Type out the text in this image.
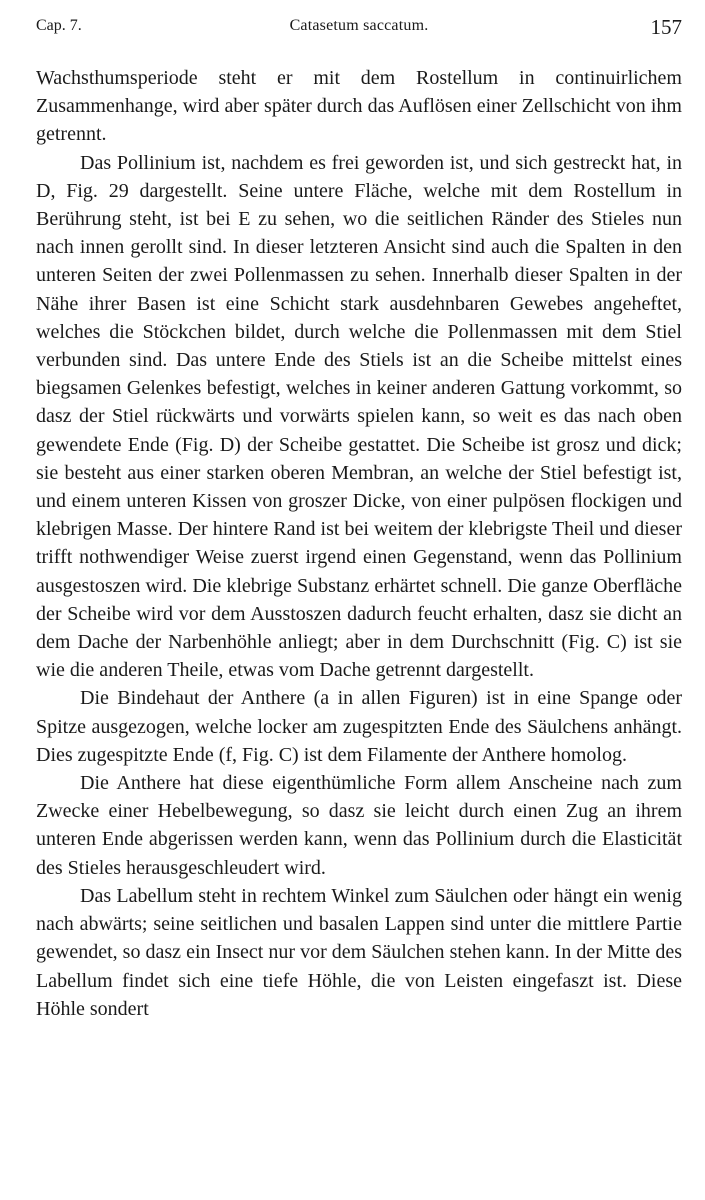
Cap. 7.	Catasetum saccatum.	157

Wachsthumsperiode steht er mit dem Rostellum in continuirlichem Zusammenhange, wird aber später durch das Auflösen einer Zellschicht von ihm getrennt.

Das Pollinium ist, nachdem es frei geworden ist, und sich gestreckt hat, in D, Fig. 29 dargestellt. Seine untere Fläche, welche mit dem Rostellum in Berührung steht, ist bei E zu sehen, wo die seitlichen Ränder des Stieles nun nach innen gerollt sind. In dieser letzteren Ansicht sind auch die Spalten in den unteren Seiten der zwei Pollenmassen zu sehen. Innerhalb dieser Spalten in der Nähe ihrer Basen ist eine Schicht stark ausdehnbaren Gewebes angeheftet, welches die Stöckchen bildet, durch welche die Pollenmassen mit dem Stiel verbunden sind. Das untere Ende des Stiels ist an die Scheibe mittelst eines biegsamen Gelenkes befestigt, welches in keiner anderen Gattung vorkommt, so dasz der Stiel rückwärts und vorwärts spielen kann, so weit es das nach oben gewendete Ende (Fig. D) der Scheibe gestattet. Die Scheibe ist grosz und dick; sie besteht aus einer starken oberen Membran, an welche der Stiel befestigt ist, und einem unteren Kissen von groszer Dicke, von einer pulpösen flockigen und klebrigen Masse. Der hintere Rand ist bei weitem der klebrigste Theil und dieser trifft nothwendiger Weise zuerst irgend einen Gegenstand, wenn das Pollinium ausgestoszen wird. Die klebrige Substanz erhärtet schnell. Die ganze Oberfläche der Scheibe wird vor dem Ausstoszen dadurch feucht erhalten, dasz sie dicht an dem Dache der Narbenhöhle anliegt; aber in dem Durchschnitt (Fig. C) ist sie wie die anderen Theile, etwas vom Dache getrennt dargestellt.

Die Bindehaut der Anthere (a in allen Figuren) ist in eine Spange oder Spitze ausgezogen, welche locker am zugespitzten Ende des Säulchens anhängt. Dies zugespitzte Ende (f, Fig. C) ist dem Filamente der Anthere homolog.

Die Anthere hat diese eigenthümliche Form allem Anscheine nach zum Zwecke einer Hebelbewegung, so dasz sie leicht durch einen Zug an ihrem unteren Ende abgerissen werden kann, wenn das Pollinium durch die Elasticität des Stieles herausgeschleudert wird.

Das Labellum steht in rechtem Winkel zum Säulchen oder hängt ein wenig nach abwärts; seine seitlichen und basalen Lappen sind unter die mittlere Partie gewendet, so dasz ein Insect nur vor dem Säulchen stehen kann. In der Mitte des Labellum findet sich eine tiefe Höhle, die von Leisten eingefaszt ist. Diese Höhle sondert
